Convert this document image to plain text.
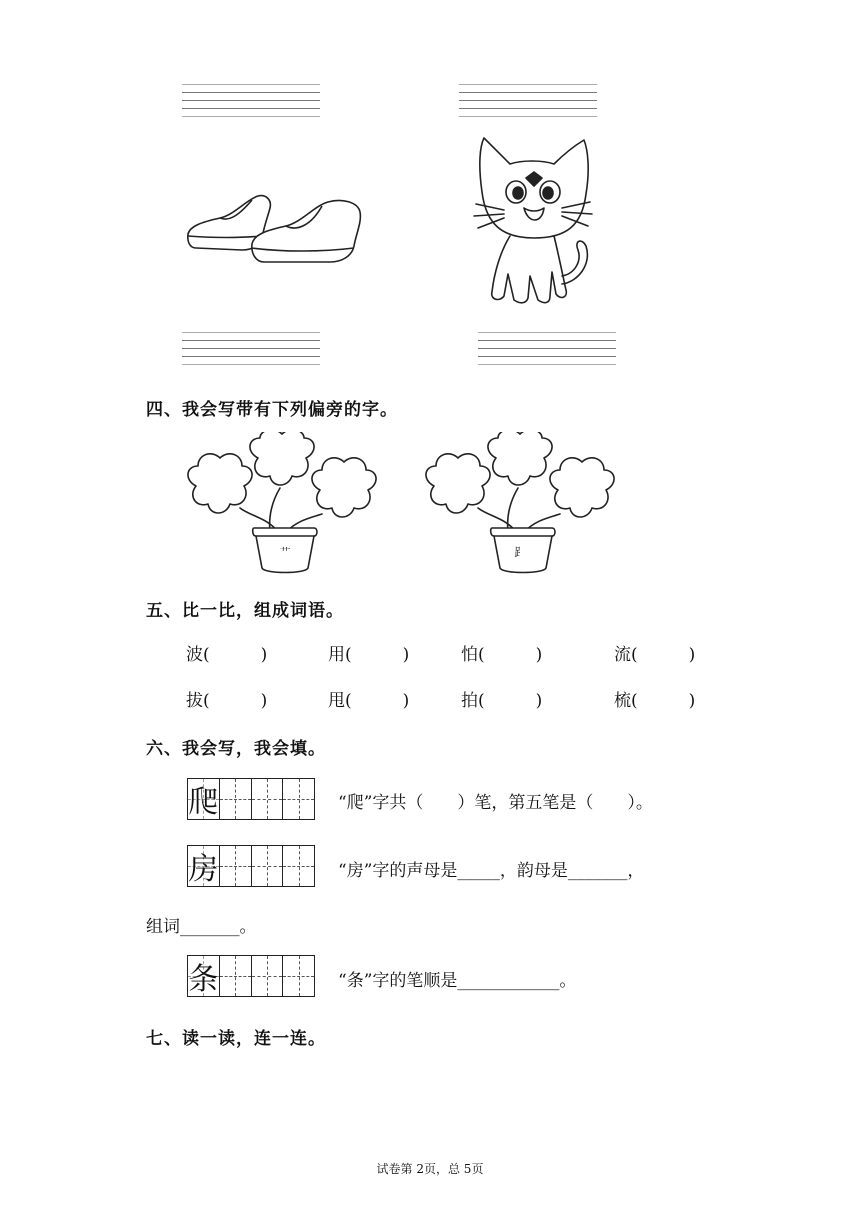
四、我会写带有下列偏旁的字。
艹	⻊
五、比一比，组成词语。
波(　　　)	用(　　　)	怕(　　　)	流(　　　)
拔(　　　)	甩(　　　)	拍(　　　)	梳(　　　)
六、我会写，我会填。
爬	“爬”字共（　　）笔，第五笔是（　　）。
房	“房”字的声母是_____，韵母是_______，
组词_______。
条	“条”字的笔顺是____________。
七、读一读，连一连。
试卷第 2页，总 5页
